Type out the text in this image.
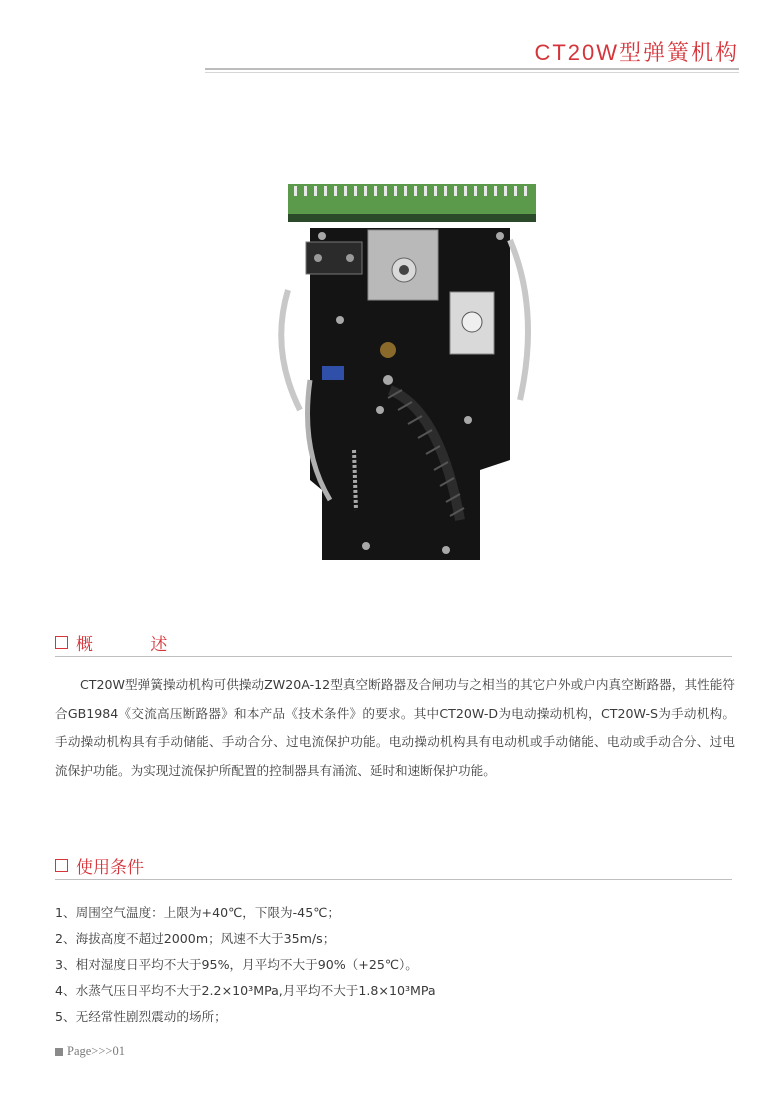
CT20W型弹簧机构
概 述

CT20W型弹簧操动机构可供操动ZW20A-12型真空断路器及合闸功与之相当的其它户外或户内真空断路器，其性能符合GB1984《交流高压断路器》和本产品《技术条件》的要求。其中CT20W-D为电动操动机构，CT20W-S为手动机构。手动操动机构具有手动储能、手动合分、过电流保护功能。电动操动机构具有电动机或手动储能、电动或手动合分、过电流保护功能。为实现过流保护所配置的控制器具有涌流、延时和速断保护功能。

使用条件
1、周围空气温度：上限为+40℃，下限为-45℃；
2、海拔高度不超过2000m；风速不大于35m/s；
3、相对湿度日平均不大于95%，月平均不大于90%（+25℃）。
4、水蒸气压日平均不大于2.2×10³MPa,月平均不大于1.8×10³MPa
5、无经常性剧烈震动的场所；
Page>>>01
